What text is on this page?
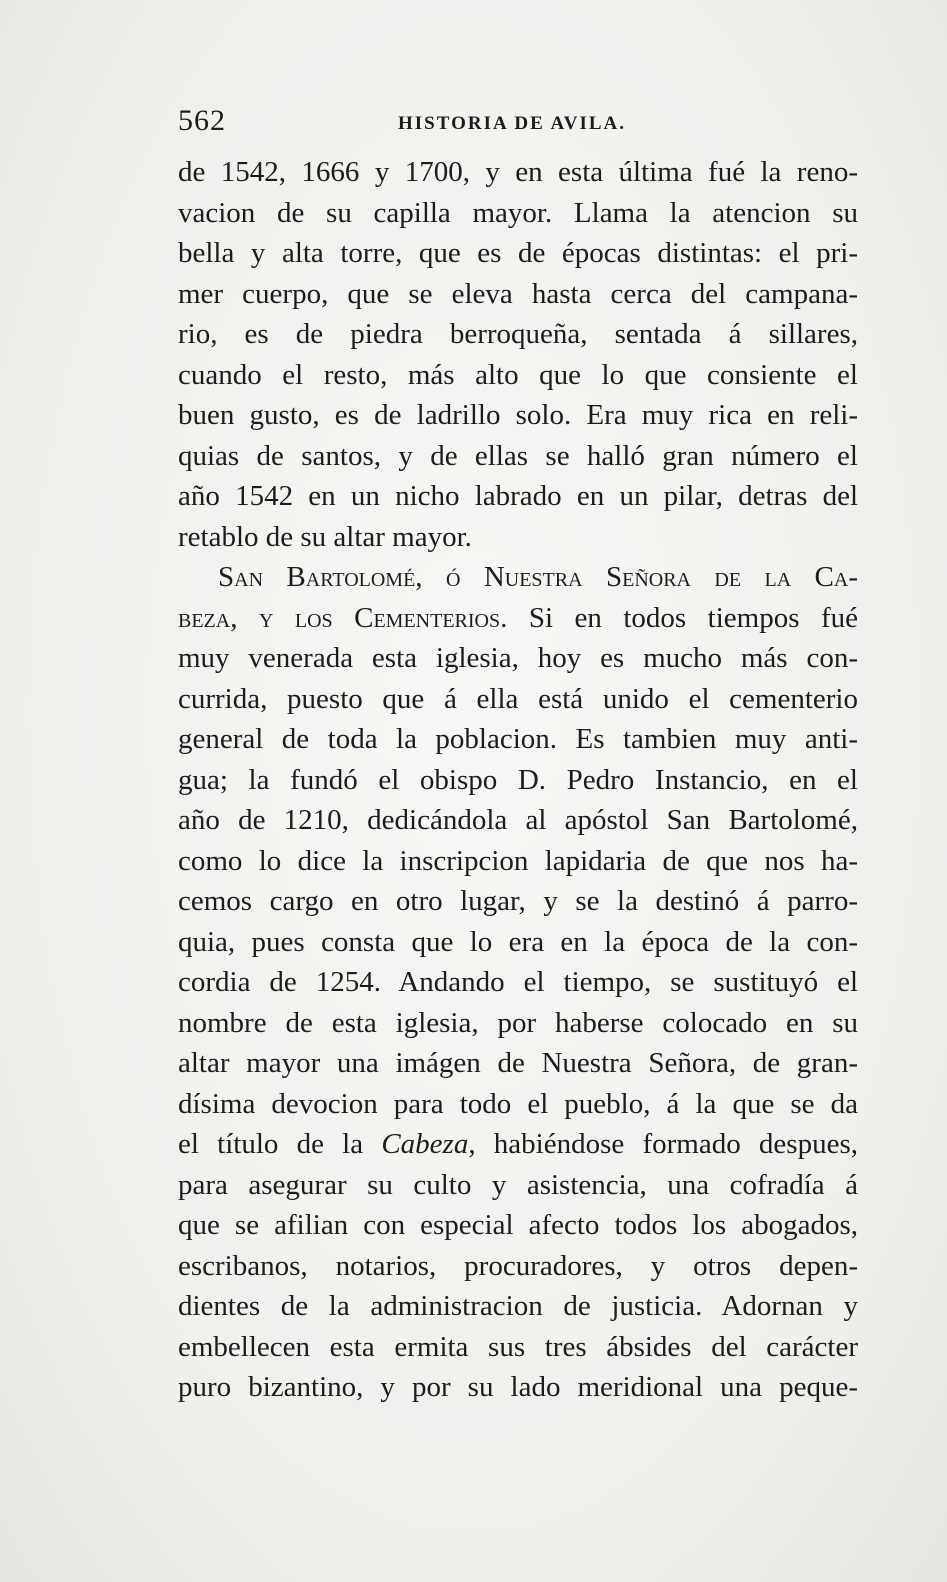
562	HISTORIA DE AVILA.
de 1542, 1666 y 1700, y en esta última fué la reno-
vacion de su capilla mayor. Llama la atencion su
bella y alta torre, que es de épocas distintas: el pri-
mer cuerpo, que se eleva hasta cerca del campana-
rio, es de piedra berroqueña, sentada á sillares,
cuando el resto, más alto que lo que consiente el
buen gusto, es de ladrillo solo. Era muy rica en reli-
quias de santos, y de ellas se halló gran número el
año 1542 en un nicho labrado en un pilar, detras del
retablo de su altar mayor.
San Bartolomé, ó Nuestra Señora de la Ca-
beza, y los Cementerios. Si en todos tiempos fué
muy venerada esta iglesia, hoy es mucho más con-
currida, puesto que á ella está unido el cementerio
general de toda la poblacion. Es tambien muy anti-
gua; la fundó el obispo D. Pedro Instancio, en el
año de 1210, dedicándola al apóstol San Bartolomé,
como lo dice la inscripcion lapidaria de que nos ha-
cemos cargo en otro lugar, y se la destinó á parro-
quia, pues consta que lo era en la época de la con-
cordia de 1254. Andando el tiempo, se sustituyó el
nombre de esta iglesia, por haberse colocado en su
altar mayor una imágen de Nuestra Señora, de gran-
dísima devocion para todo el pueblo, á la que se da
el título de la Cabeza, habiéndose formado despues,
para asegurar su culto y asistencia, una cofradía á
que se afilian con especial afecto todos los abogados,
escribanos, notarios, procuradores, y otros depen-
dientes de la administracion de justicia. Adornan y
embellecen esta ermita sus tres ábsides del carácter
puro bizantino, y por su lado meridional una peque-
